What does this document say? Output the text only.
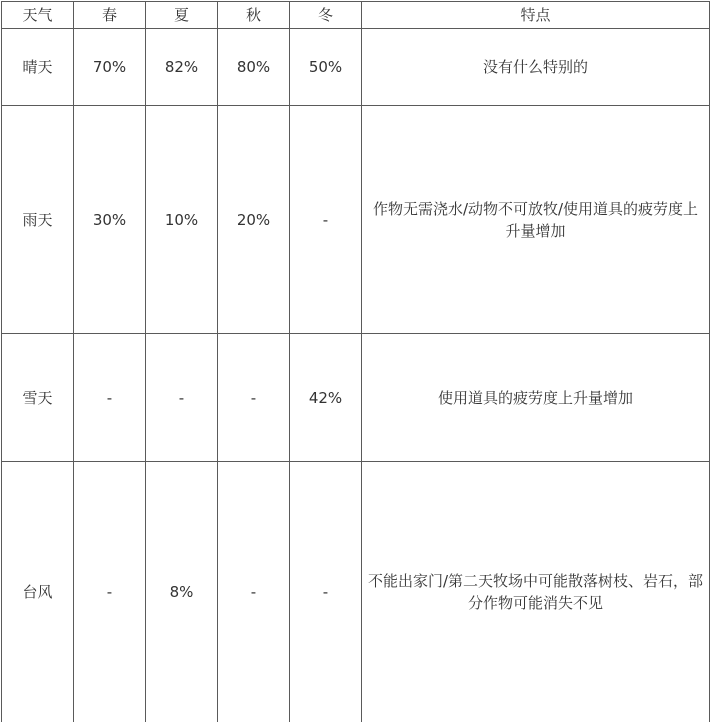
天气	春	夏	秋	冬	特点
晴天	70%	82%	80%	50%	没有什么特别的
雨天	30%	10%	20%	-	作物无需浇水/动物不可放牧/使用道具的疲劳度上升量增加
雪天	-	-	-	42%	使用道具的疲劳度上升量增加
台风	-	8%	-	-	不能出家门/第二天牧场中可能散落树枝、岩石，部分作物可能消失不见
